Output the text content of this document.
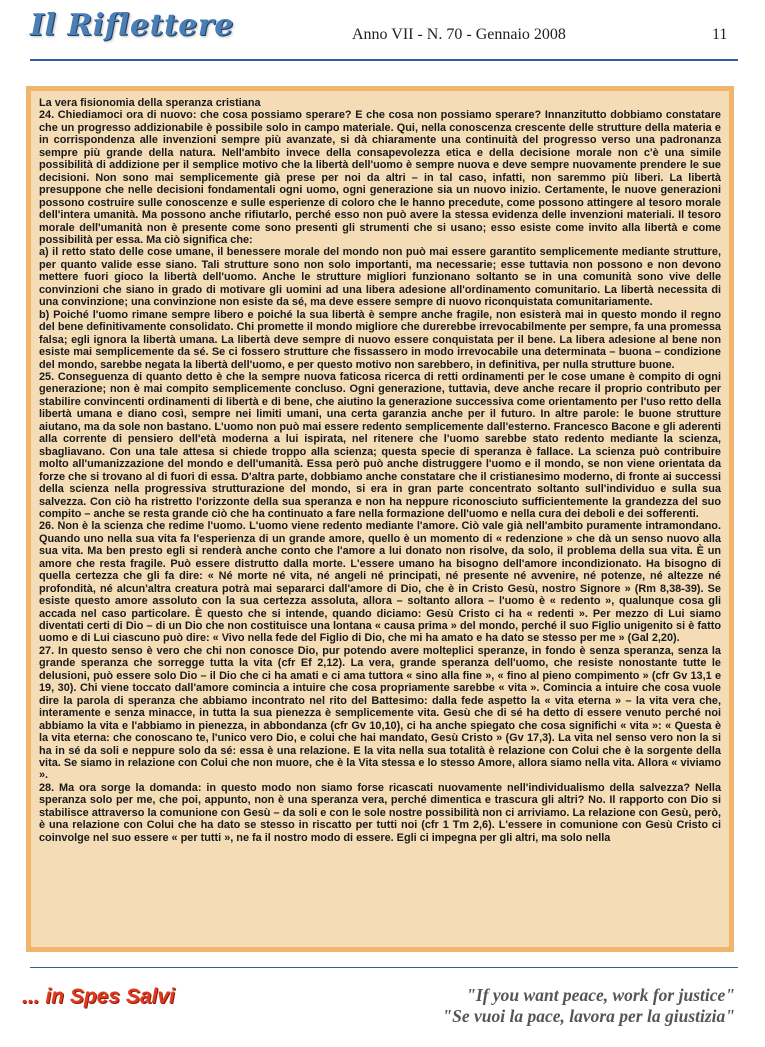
Il Riflettere	Anno VII - N. 70 - Gennaio 2008	11

La vera fisionomia della speranza cristiana

24. Chiediamoci ora di nuovo: che cosa possiamo sperare? E che cosa non possiamo sperare? Innanzitutto dobbiamo constatare che un progresso addizionabile è possibile solo in campo materiale. Qui, nella conoscenza crescente delle strutture della materia e in corrispondenza alle invenzioni sempre più avanzate, si dà chiaramente una continuità del progresso verso una padronanza sempre più grande della natura. Nell'ambito invece della consapevolezza etica e della decisione morale non c'è una simile possibilità di addizione per il semplice motivo che la libertà dell'uomo è sempre nuova e deve sempre nuovamente prendere le sue decisioni. Non sono mai semplicemente già prese per noi da altri – in tal caso, infatti, non saremmo più liberi. La libertà presuppone che nelle decisioni fondamentali ogni uomo, ogni generazione sia un nuovo inizio. Certamente, le nuove generazioni possono costruire sulle conoscenze e sulle esperienze di coloro che le hanno precedute, come possono attingere al tesoro morale dell'intera umanità. Ma possono anche rifiutarlo, perché esso non può avere la stessa evidenza delle invenzioni materiali. Il tesoro morale dell'umanità non è presente come sono presenti gli strumenti che si usano; esso esiste come invito alla libertà e come possibilità per essa. Ma ciò significa che:

a) il retto stato delle cose umane, il benessere morale del mondo non può mai essere garantito semplicemente mediante strutture, per quanto valide esse siano. Tali strutture sono non solo importanti, ma necessarie; esse tuttavia non possono e non devono mettere fuori gioco la libertà dell'uomo. Anche le strutture migliori funzionano soltanto se in una comunità sono vive delle convinzioni che siano in grado di motivare gli uomini ad una libera adesione all'ordinamento comunitario. La libertà necessita di una convinzione; una convinzione non esiste da sé, ma deve essere sempre di nuovo riconquistata comunitariamente.

b) Poiché l'uomo rimane sempre libero e poiché la sua libertà è sempre anche fragile, non esisterà mai in questo mondo il regno del bene definitivamente consolidato. Chi promette il mondo migliore che durerebbe irrevocabilmente per sempre, fa una promessa falsa; egli ignora la libertà umana. La libertà deve sempre di nuovo essere conquistata per il bene. La libera adesione al bene non esiste mai semplicemente da sé. Se ci fossero strutture che fissassero in modo irrevocabile una determinata – buona – condizione del mondo, sarebbe negata la libertà dell'uomo, e per questo motivo non sarebbero, in definitiva, per nulla strutture buone.

25. Conseguenza di quanto detto è che la sempre nuova faticosa ricerca di retti ordinamenti per le cose umane è compito di ogni generazione; non è mai compito semplicemente concluso. Ogni generazione, tuttavia, deve anche recare il proprio contributo per stabilire convincenti ordinamenti di libertà e di bene, che aiutino la generazione successiva come orientamento per l'uso retto della libertà umana e diano così, sempre nei limiti umani, una certa garanzia anche per il futuro. In altre parole: le buone strutture aiutano, ma da sole non bastano. L'uomo non può mai essere redento semplicemente dall'esterno. Francesco Bacone e gli aderenti alla corrente di pensiero dell'età moderna a lui ispirata, nel ritenere che l'uomo sarebbe stato redento mediante la scienza, sbagliavano. Con una tale attesa si chiede troppo alla scienza; questa specie di speranza è fallace. La scienza può contribuire molto all'umanizzazione del mondo e dell'umanità. Essa però può anche distruggere l'uomo e il mondo, se non viene orientata da forze che si trovano al di fuori di essa. D'altra parte, dobbiamo anche constatare che il cristianesimo moderno, di fronte ai successi della scienza nella progressiva strutturazione del mondo, si era in gran parte concentrato soltanto sull'individuo e sulla sua salvezza. Con ciò ha ristretto l'orizzonte della sua speranza e non ha neppure riconosciuto sufficientemente la grandezza del suo compito – anche se resta grande ciò che ha continuato a fare nella formazione dell'uomo e nella cura dei deboli e dei sofferenti.

26. Non è la scienza che redime l'uomo. L'uomo viene redento mediante l'amore. Ciò vale già nell'ambito puramente intramondano. Quando uno nella sua vita fa l'esperienza di un grande amore, quello è un momento di « redenzione » che dà un senso nuovo alla sua vita. Ma ben presto egli si renderà anche conto che l'amore a lui donato non risolve, da solo, il problema della sua vita. È un amore che resta fragile. Può essere distrutto dalla morte. L'essere umano ha bisogno dell'amore incondizionato. Ha bisogno di quella certezza che gli fa dire: « Né morte né vita, né angeli né principati, né presente né avvenire, né potenze, né altezze né profondità, né alcun'altra creatura potrà mai separarci dall'amore di Dio, che è in Cristo Gesù, nostro Signore » (Rm 8,38-39). Se esiste questo amore assoluto con la sua certezza assoluta, allora – soltanto allora – l'uomo è « redento », qualunque cosa gli accada nel caso particolare. È questo che si intende, quando diciamo: Gesù Cristo ci ha « redenti ». Per mezzo di Lui siamo diventati certi di Dio – di un Dio che non costituisce una lontana « causa prima » del mondo, perché il suo Figlio unigenito si è fatto uomo e di Lui ciascuno può dire: « Vivo nella fede del Figlio di Dio, che mi ha amato e ha dato se stesso per me » (Gal 2,20).

27. In questo senso è vero che chi non conosce Dio, pur potendo avere molteplici speranze, in fondo è senza speranza, senza la grande speranza che sorregge tutta la vita (cfr Ef 2,12). La vera, grande speranza dell'uomo, che resiste nonostante tutte le delusioni, può essere solo Dio – il Dio che ci ha amati e ci ama tuttora « sino alla fine », « fino al pieno compimento » (cfr Gv 13,1 e 19, 30). Chi viene toccato dall'amore comincia a intuire che cosa propriamente sarebbe « vita ». Comincia a intuire che cosa vuole dire la parola di speranza che abbiamo incontrato nel rito del Battesimo: dalla fede aspetto la « vita eterna » – la vita vera che, interamente e senza minacce, in tutta la sua pienezza è semplicemente vita. Gesù che di sé ha detto di essere venuto perché noi abbiamo la vita e l'abbiamo in pienezza, in abbondanza (cfr Gv 10,10), ci ha anche spiegato che cosa significhi « vita »: « Questa è la vita eterna: che conoscano te, l'unico vero Dio, e colui che hai mandato, Gesù Cristo » (Gv 17,3). La vita nel senso vero non la si ha in sé da soli e neppure solo da sé: essa è una relazione. E la vita nella sua totalità è relazione con Colui che è la sorgente della vita. Se siamo in relazione con Colui che non muore, che è la Vita stessa e lo stesso Amore, allora siamo nella vita. Allora « viviamo ».

28. Ma ora sorge la domanda: in questo modo non siamo forse ricascati nuovamente nell'individualismo della salvezza? Nella speranza solo per me, che poi, appunto, non è una speranza vera, perché dimentica e trascura gli altri? No. Il rapporto con Dio si stabilisce attraverso la comunione con Gesù – da soli e con le sole nostre possibilità non ci arriviamo. La relazione con Gesù, però, è una relazione con Colui che ha dato se stesso in riscatto per tutti noi (cfr 1 Tm 2,6). L'essere in comunione con Gesù Cristo ci coinvolge nel suo essere « per tutti », ne fa il nostro modo di essere. Egli ci impegna per gli altri, ma solo nella

... in Spes Salvi	"If you want peace, work for justice"
"Se vuoi la pace, lavora per la giustizia"
